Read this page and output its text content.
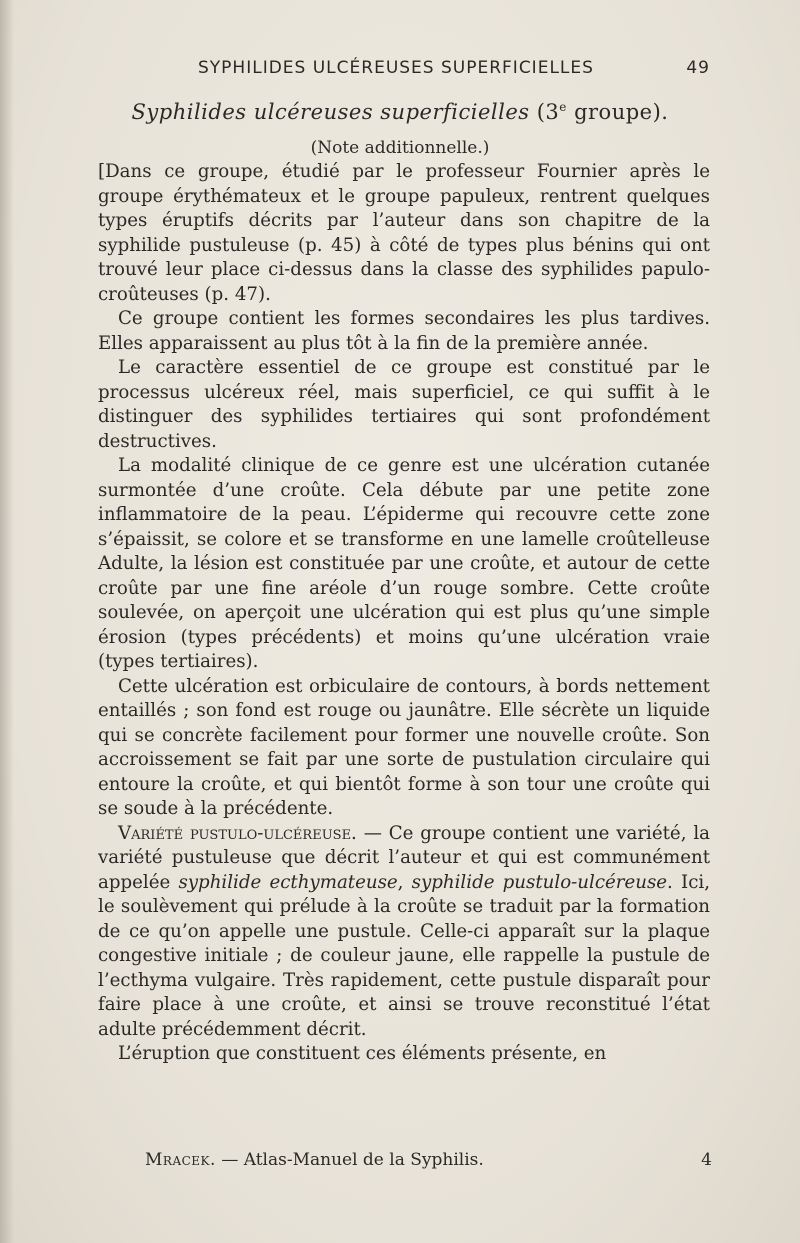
SYPHILIDES ULCÉREUSES SUPERFICIELLES	49
Syphilides ulcéreuses superficielles (3e groupe).
(Note additionnelle.)

[Dans ce groupe, étudié par le professeur Fournier après le groupe érythémateux et le groupe papuleux, rentrent quelques types éruptifs décrits par l’auteur dans son chapitre de la syphilide pustuleuse (p. 45) à côté de types plus bénins qui ont trouvé leur place ci-dessus dans la classe des syphilides papulo-croûteuses (p. 47).

Ce groupe contient les formes secondaires les plus tardives. Elles apparaissent au plus tôt à la fin de la première année.

Le caractère essentiel de ce groupe est constitué par le processus ulcéreux réel, mais superficiel, ce qui suffit à le distinguer des syphilides tertiaires qui sont profondément destructives.

La modalité clinique de ce genre est une ulcération cutanée surmontée d’une croûte. Cela débute par une petite zone inflammatoire de la peau. L’épiderme qui recouvre cette zone s’épaissit, se colore et se transforme en une lamelle croûtelleuse Adulte, la lésion est constituée par une croûte, et autour de cette croûte par une fine aréole d’un rouge sombre. Cette croûte soulevée, on aperçoit une ulcération qui est plus qu’une simple érosion (types précédents) et moins qu’une ulcération vraie (types tertiaires).

Cette ulcération est orbiculaire de contours, à bords nettement entaillés ; son fond est rouge ou jaunâtre. Elle sécrète un liquide qui se concrète facilement pour former une nouvelle croûte. Son accroissement se fait par une sorte de pustulation circulaire qui entoure la croûte, et qui bientôt forme à son tour une croûte qui se soude à la précédente.

Variété pustulo-ulcéreuse. — Ce groupe contient une variété, la variété pustuleuse que décrit l’auteur et qui est communément appelée syphilide ecthymateuse, syphilide pustulo-ulcéreuse. Ici, le soulèvement qui prélude à la croûte se traduit par la formation de ce qu’on appelle une pustule. Celle-ci apparaît sur la plaque congestive initiale ; de couleur jaune, elle rappelle la pustule de l’ecthyma vulgaire. Très rapidement, cette pustule disparaît pour faire place à une croûte, et ainsi se trouve reconstitué l’état adulte précédemment décrit.

L’éruption que constituent ces éléments présente, en

Mracek. — Atlas-Manuel de la Syphilis.	4
